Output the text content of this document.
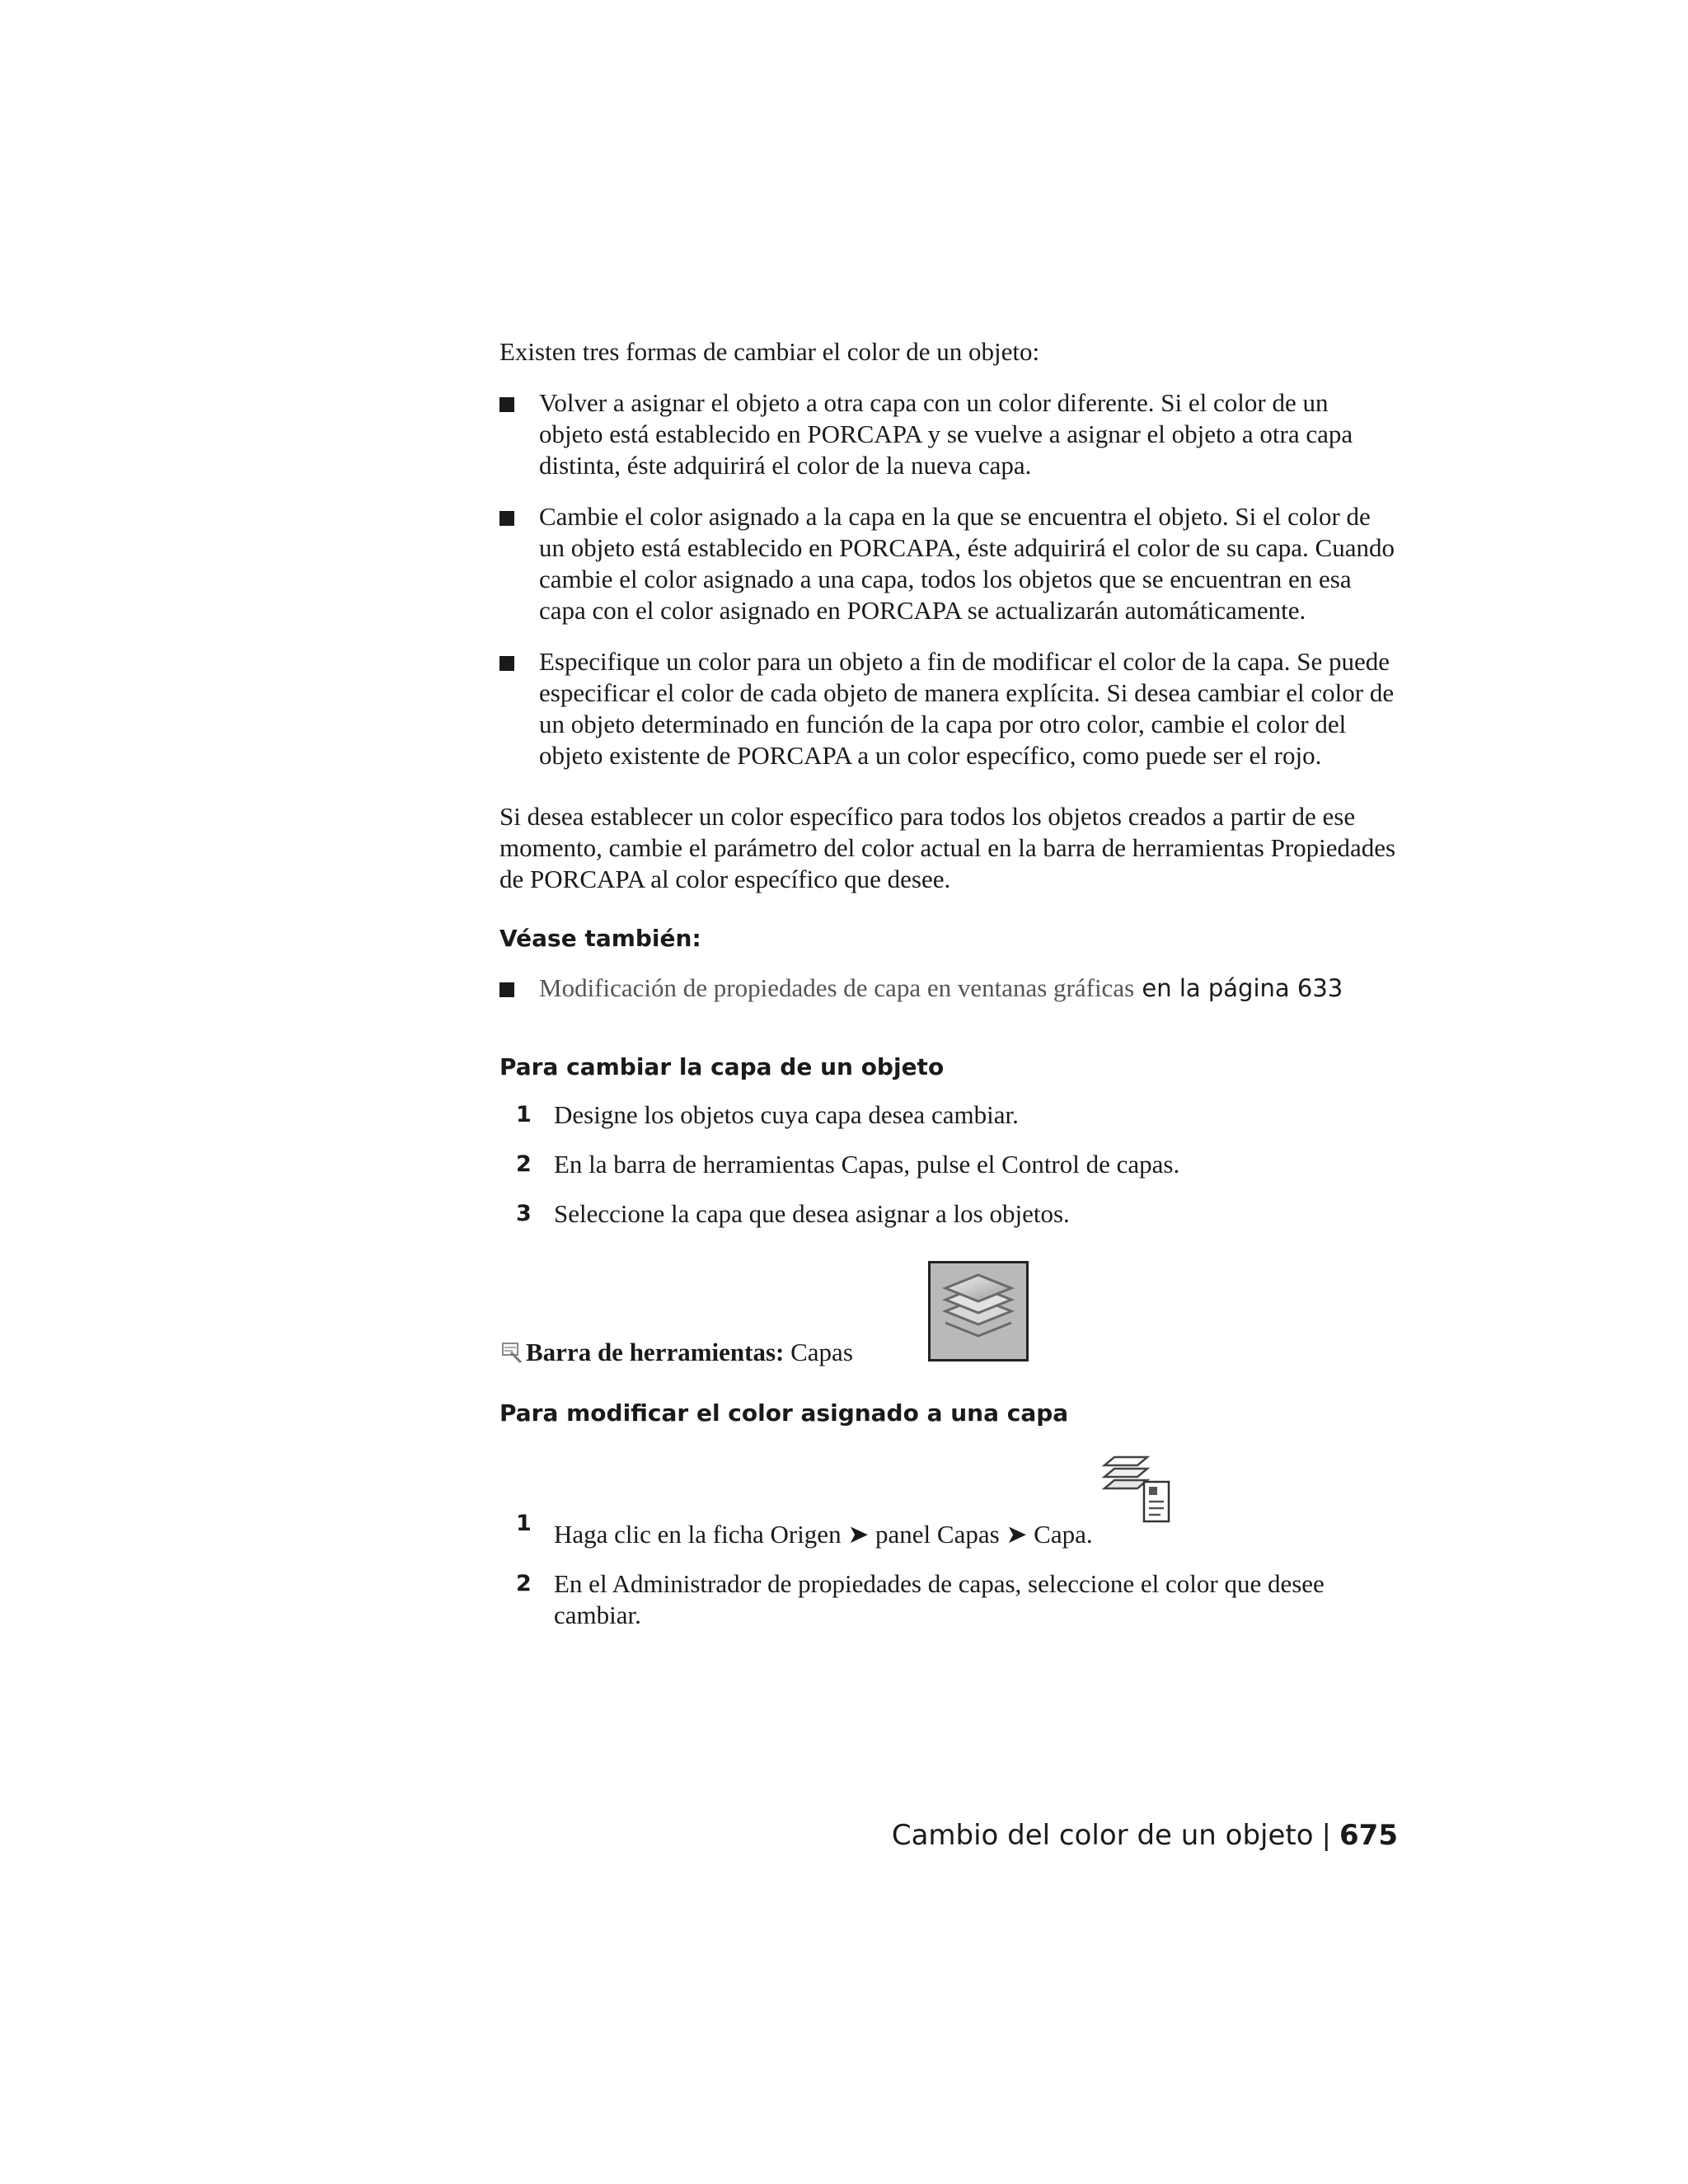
Existen tres formas de cambiar el color de un objeto:

Volver a asignar el objeto a otra capa con un color diferente. Si el color de un objeto está establecido en PORCAPA y se vuelve a asignar el objeto a otra capa distinta, éste adquirirá el color de la nueva capa.
Cambie el color asignado a la capa en la que se encuentra el objeto. Si el color de un objeto está establecido en PORCAPA, éste adquirirá el color de su capa. Cuando cambie el color asignado a una capa, todos los objetos que se encuentran en esa capa con el color asignado en PORCAPA se actualizarán automáticamente.
Especifique un color para un objeto a fin de modificar el color de la capa. Se puede especificar el color de cada objeto de manera explícita. Si desea cambiar el color de un objeto determinado en función de la capa por otro color, cambie el color del objeto existente de PORCAPA a un color específico, como puede ser el rojo.

Si desea establecer un color específico para todos los objetos creados a partir de ese momento, cambie el parámetro del color actual en la barra de herramientas Propiedades de PORCAPA al color específico que desee.

Véase también:
Modificación de propiedades de capa en ventanas gráficas en la página 633
Para cambiar la capa de un objeto
1 Designe los objetos cuya capa desea cambiar.
2 En la barra de herramientas Capas, pulse el Control de capas.
3 Seleccione la capa que desea asignar a los objetos.
Barra de herramientas: Capas
Para modificar el color asignado a una capa
1 Haga clic en la ficha Origen ➤ panel Capas ➤ Capa.
2 En el Administrador de propiedades de capas, seleccione el color que desee cambiar.
Cambio del color de un objeto | 675
